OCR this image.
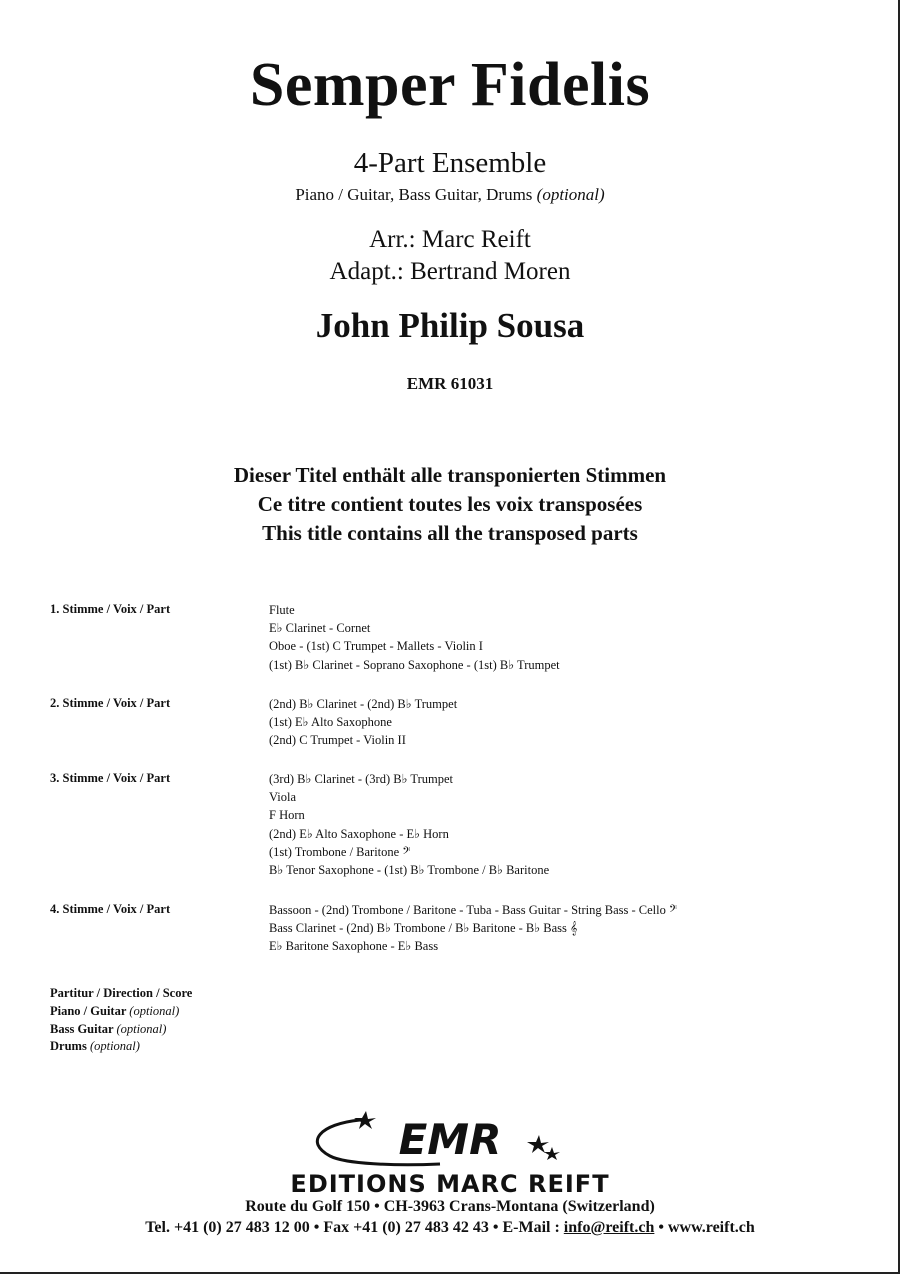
Semper Fidelis
4-Part Ensemble
Piano / Guitar, Bass Guitar, Drums (optional)
Arr.: Marc Reift
Adapt.: Bertrand Moren
John Philip Sousa
EMR 61031
Dieser Titel enthält alle transponierten Stimmen
Ce titre contient toutes les voix transposées
This title contains all the transposed parts
1. Stimme / Voix / Part	Flute
E♭ Clarinet - Cornet
Oboe - (1st) C Trumpet - Mallets - Violin I
(1st) B♭ Clarinet - Soprano Saxophone - (1st) B♭ Trumpet
2. Stimme / Voix / Part	(2nd) B♭ Clarinet - (2nd) B♭ Trumpet
(1st) E♭ Alto Saxophone
(2nd) C Trumpet - Violin II
3. Stimme / Voix / Part	(3rd) B♭ Clarinet - (3rd) B♭ Trumpet
Viola
F Horn
(2nd) E♭ Alto Saxophone - E♭ Horn
(1st) Trombone / Baritone 𝄢
B♭ Tenor Saxophone - (1st) B♭ Trombone / B♭ Baritone
4. Stimme / Voix / Part	Bassoon - (2nd) Trombone / Baritone - Tuba - Bass Guitar - String Bass - Cello 𝄢
Bass Clarinet - (2nd) B♭ Trombone / B♭ Baritone - B♭ Bass 𝄞
E♭ Baritone Saxophone - E♭ Bass
Partitur / Direction / Score
Piano / Guitar (optional)
Bass Guitar (optional)
Drums (optional)
EMR
EDITIONS MARC REIFT
Route du Golf 150 • CH-3963 Crans-Montana (Switzerland)
Tel. +41 (0) 27 483 12 00 • Fax +41 (0) 27 483 42 43 • E-Mail : info@reift.ch • www.reift.ch
